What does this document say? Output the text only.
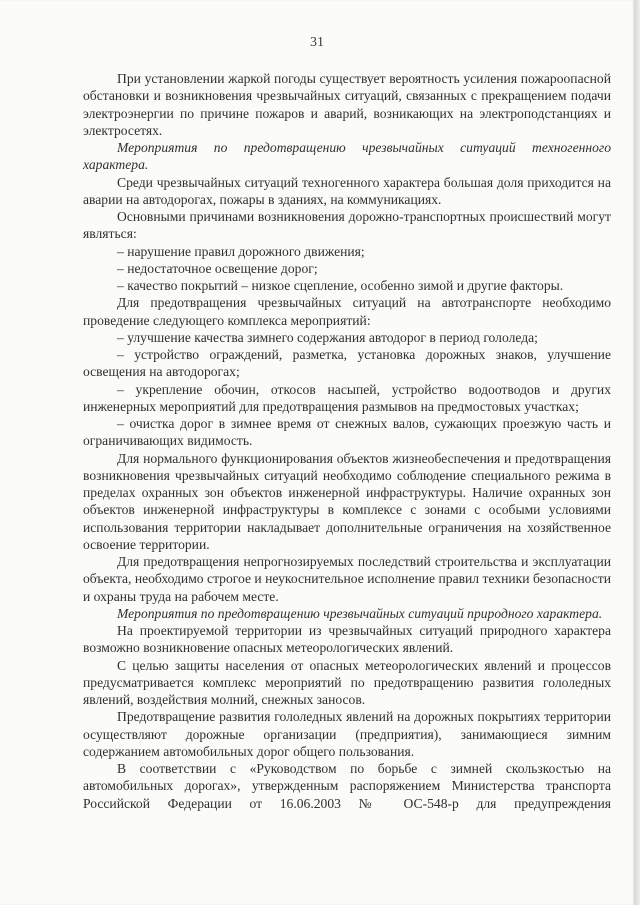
31

При установлении жаркой погоды существует вероятность усиления пожароопасной обстановки и возникновения чрезвычайных ситуаций, связанных с прекращением подачи электроэнергии по причине пожаров и аварий, возникающих на электроподстанциях и электросетях.

Мероприятия по предотвращению чрезвычайных ситуаций техногенного характера.

Среди чрезвычайных ситуаций техногенного характера большая доля приходится на аварии на автодорогах, пожары в зданиях, на коммуникациях.

Основными причинами возникновения дорожно-транспортных происшествий могут являться:

– нарушение правил дорожного движения;

– недостаточное освещение дорог;

– качество покрытий – низкое сцепление, особенно зимой и другие факторы.

Для предотвращения чрезвычайных ситуаций на автотранспорте необходимо проведение следующего комплекса мероприятий:

– улучшение качества зимнего содержания автодорог в период гололеда;

– устройство ограждений, разметка, установка дорожных знаков, улучшение освещения на автодорогах;

– укрепление обочин, откосов насыпей, устройство водоотводов и других инженерных мероприятий для предотвращения размывов на предмостовых участках;

– очистка дорог в зимнее время от снежных валов, сужающих проезжую часть и ограничивающих видимость.

Для нормального функционирования объектов жизнеобеспечения и предотвращения возникновения чрезвычайных ситуаций необходимо соблюдение специального режима в пределах охранных зон объектов инженерной инфраструктуры. Наличие охранных зон объектов инженерной инфраструктуры в комплексе с зонами с особыми условиями использования территории накладывает дополнительные ограничения на хозяйственное освоение территории.

Для предотвращения непрогнозируемых последствий строительства и эксплуатации объекта, необходимо строгое и неукоснительное исполнение правил техники безопасности и охраны труда на рабочем месте.

Мероприятия по предотвращению чрезвычайных ситуаций природного характера.

На проектируемой территории из чрезвычайных ситуаций природного характера возможно возникновение опасных метеорологических явлений.

С целью защиты населения от опасных метеорологических явлений и процессов предусматривается комплекс мероприятий по предотвращению развития гололедных явлений, воздействия молний, снежных заносов.

Предотвращение развития гололедных явлений на дорожных покрытиях территории осуществляют дорожные организации (предприятия), занимающиеся зимним содержанием автомобильных дорог общего пользования.

В соответствии с «Руководством по борьбе с зимней скользкостью на автомобильных дорогах», утвержденным распоряжением Министерства транспорта Российской Федерации от 16.06.2003 № ОС-548-р для предупреждения
